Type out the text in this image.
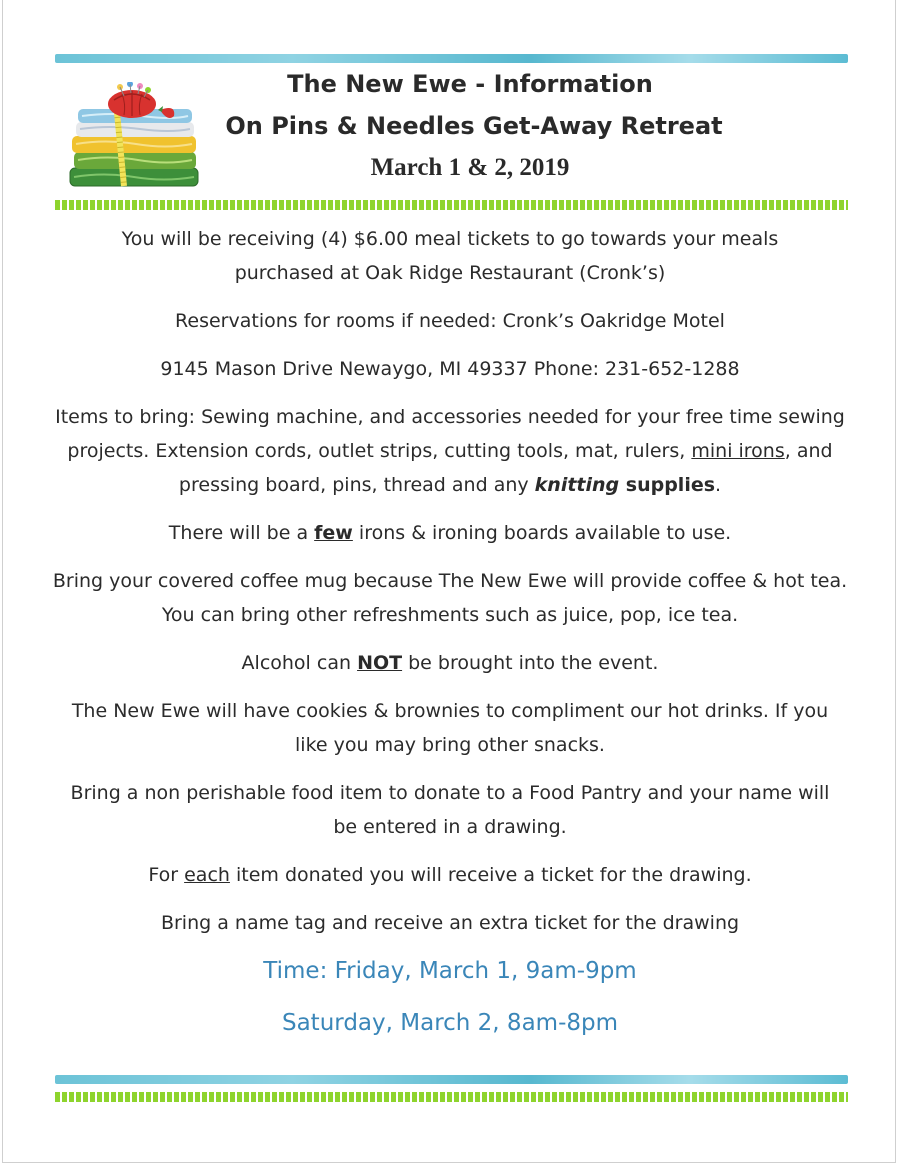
The New Ewe - Information
On Pins & Needles Get-Away Retreat
March 1 & 2, 2019

You will be receiving (4) $6.00 meal tickets to go towards your meals purchased at Oak Ridge Restaurant (Cronk’s)

Reservations for rooms if needed: Cronk’s Oakridge Motel

9145 Mason Drive Newaygo, MI 49337 Phone: 231-652-1288

Items to bring: Sewing machine, and accessories needed for your free time sewing projects. Extension cords, outlet strips, cutting tools, mat, rulers, mini irons, and pressing board, pins, thread and any knitting supplies.

There will be a few irons & ironing boards available to use.

Bring your covered coffee mug because The New Ewe will provide coffee & hot tea. You can bring other refreshments such as juice, pop, ice tea.

Alcohol can NOT be brought into the event.

The New Ewe will have cookies & brownies to compliment our hot drinks. If you like you may bring other snacks.

Bring a non perishable food item to donate to a Food Pantry and your name will be entered in a drawing.

For each item donated you will receive a ticket for the drawing.

Bring a name tag and receive an extra ticket for the drawing

Time: Friday, March 1, 9am-9pm

Saturday, March 2, 8am-8pm
